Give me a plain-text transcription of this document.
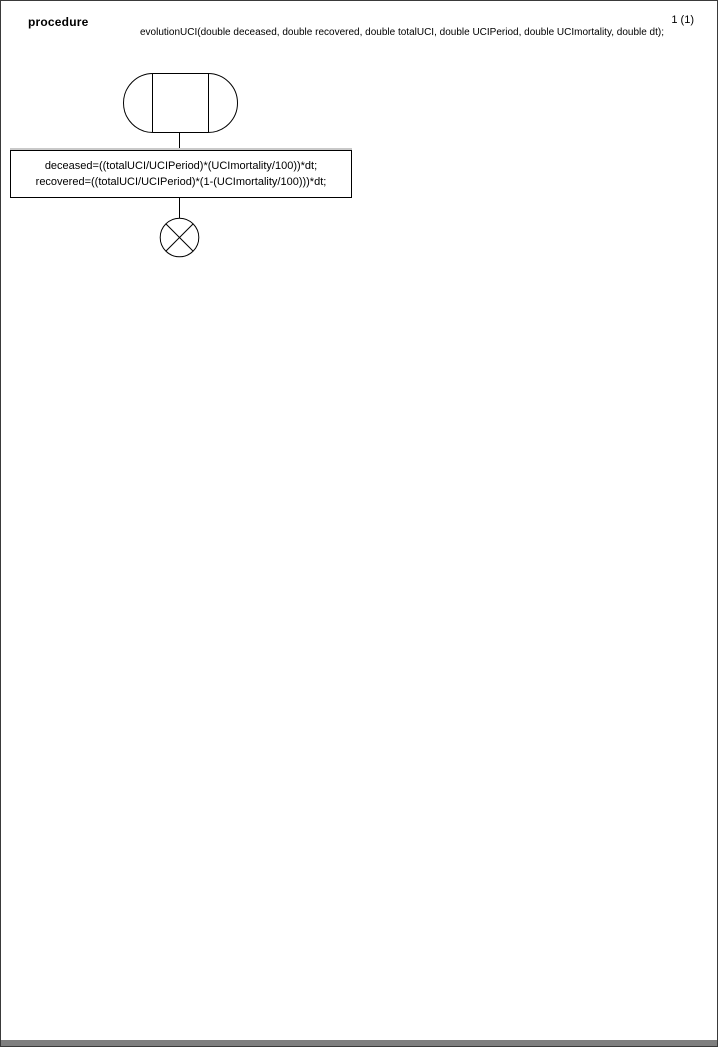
procedure	1 (1)
evolutionUCI(double deceased, double recovered, double totalUCI, double UCIPeriod, double UCImortality, double dt);
deceased=((totalUCI/UCIPeriod)*(UCImortality/100))*dt;
recovered=((totalUCI/UCIPeriod)*(1-(UCImortality/100)))*dt;
